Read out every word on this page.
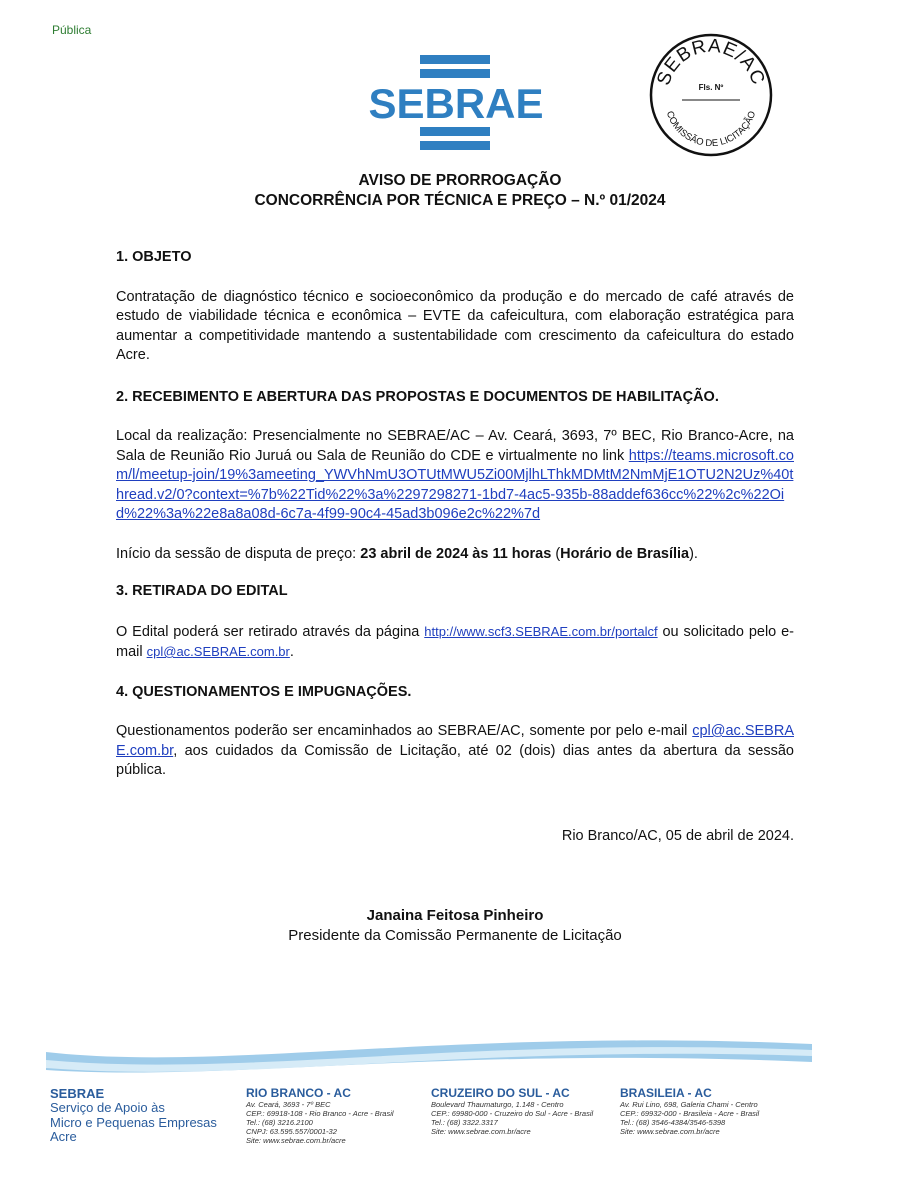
Pública
SEBRAE
SEBRAE/AC
Fls. Nº
COMISSÃO DE LICITAÇÃO
AVISO DE PRORROGAÇÃO
CONCORRÊNCIA POR TÉCNICA E PREÇO – N.º 01/2024

1. OBJETO

Contratação de diagnóstico técnico e socioeconômico da produção e do mercado de café através de estudo de viabilidade técnica e econômica – EVTE da cafeicultura, com elaboração estratégica para aumentar a competitividade mantendo a sustentabilidade com crescimento da cafeicultura do estado Acre.

2. RECEBIMENTO E ABERTURA DAS PROPOSTAS E DOCUMENTOS DE HABILITAÇÃO.

Local da realização: Presencialmente no SEBRAE/AC – Av. Ceará, 3693, 7º BEC, Rio Branco-Acre, na Sala de Reunião Rio Juruá ou Sala de Reunião do CDE e virtualmente no link https://teams.microsoft.com/l/meetup-join/19%3ameeting_YWVhNmU3OTUtMWU5Zi00MjlhLThkMDMtM2NmMjE1OTU2N2Uz%40thread.v2/0?context=%7b%22Tid%22%3a%2297298271-1bd7-4ac5-935b-88addef636cc%22%2c%22Oid%22%3a%22e8a8a08d-6c7a-4f99-90c4-45ad3b096e2c%22%7d

Início da sessão de disputa de preço: 23 abril de 2024 às 11 horas (Horário de Brasília).

3. RETIRADA DO EDITAL

O Edital poderá ser retirado através da página http://www.scf3.SEBRAE.com.br/portalcf ou solicitado pelo e-mail cpl@ac.SEBRAE.com.br.

4. QUESTIONAMENTOS E IMPUGNAÇÕES.

Questionamentos poderão ser encaminhados ao SEBRAE/AC, somente por pelo e-mail cpl@ac.SEBRAE.com.br, aos cuidados da Comissão de Licitação, até 02 (dois) dias antes da abertura da sessão pública.

Rio Branco/AC, 05 de abril de 2024.

Janaina Feitosa Pinheiro
Presidente da Comissão Permanente de Licitação
SEBRAE
Serviço de Apoio às
Micro e Pequenas Empresas
Acre
RIO BRANCO - AC
Av. Ceará, 3693 - 7º BEC
CEP.: 69918-108 - Rio Branco - Acre - Brasil
Tel.: (68) 3216.2100
CNPJ: 63.595.557/0001-32
Site: www.sebrae.com.br/acre
CRUZEIRO DO SUL - AC
Boulevard Thaumaturgo, 1.148 - Centro
CEP.: 69980-000 - Cruzeiro do Sul - Acre - Brasil
Tel.: (68) 3322.3317
Site: www.sebrae.com.br/acre
BRASILEIA - AC
Av. Rui Lino, 698, Galeria Chami - Centro
CEP.: 69932-000 - Brasileia - Acre - Brasil
Tel.: (68) 3546-4384/3546-5398
Site: www.sebrae.com.br/acre
